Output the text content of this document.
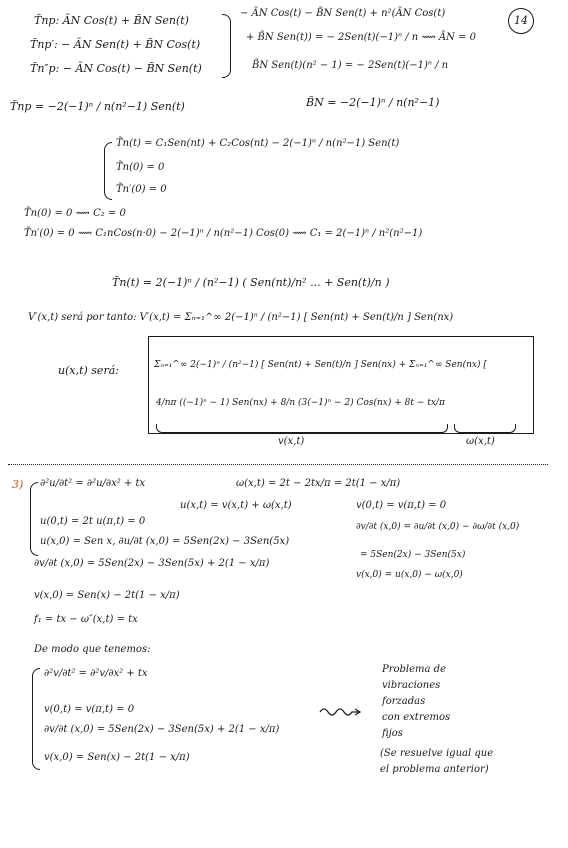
14
T̃np: ÃN Cos(t) + B̃N Sen(t)
T̃np′: − ÃN Sen(t) + B̃N Cos(t)
T̃n″p: − ÃN Cos(t) − B̃N Sen(t)
− ÃN Cos(t) − B̃N Sen(t) + n²(ÃN Cos(t)
+ B̃N Sen(t)) = − 2Sen(t)(−1)ⁿ / n ⟿ ÃN = 0
B̃N Sen(t)(n² − 1) = − 2Sen(t)(−1)ⁿ / n
T̃np = −2(−1)ⁿ / n(n²−1) Sen(t)	B̃N = −2(−1)ⁿ / n(n²−1)
T̃n(t) = C₁Sen(nt) + C₂Cos(nt) − 2(−1)ⁿ / n(n²−1) Sen(t)
T̃n(0) = 0
T̃n′(0) = 0
T̃n(0) = 0 ⟿ C₂ = 0
T̃n′(0) = 0 ⟿ C₁nCos(n·0) − 2(−1)ⁿ / n(n²−1) Cos(0) ⟿ C₁ = 2(−1)ⁿ / n²(n²−1)
T̃n(t) = 2(−1)ⁿ / (n²−1) ( Sen(nt)/n² ... + Sen(t)/n )
V′(x,t) será por tanto: V′(x,t) = Σₙ₌₁^∞ 2(−1)ⁿ / (n²−1) [ Sen(nt) + Sen(t)/n ] Sen(nx)
u(x,t) será:	Σₙ₌₁^∞ 2(−1)ⁿ / (n²−1) [ Sen(nt) + Sen(t)/n ] Sen(nx) + Σₙ₌₁^∞ Sen(nx) [
4/nπ ((−1)ⁿ − 1) Sen(nx) + 8/n (3(−1)ⁿ − 2) Cos(nx) + 8t − tx/π
v(x,t)	ω(x,t)
3) ∂²u/∂t² = ∂²u/∂x² + tx
u(0,t) = 2t u(π,t) = 0
u(x,0) = Sen x, ∂u/∂t (x,0) = 5Sen(2x) − 3Sen(5x)
ω(x,t) = 2t − 2tx/π = 2t(1 − x/π)
u(x,t) = v(x,t) + ω(x,t)	v(0,t) = v(π,t) = 0
∂v/∂t (x,0) = ∂u/∂t (x,0) − ∂ω/∂t (x,0)
= 5Sen(2x) − 3Sen(5x)
v(x,0) = u(x,0) − ω(x,0)
∂v/∂t (x,0) = 5Sen(2x) − 3Sen(5x) + 2(1 − x/π)
v(x,0) = Sen(x) − 2t(1 − x/π)
f₁ = tx − ω″(x,t) = tx
De modo que tenemos:
∂²v/∂t² = ∂²v/∂x² + tx
v(0,t) = v(π,t) = 0
∂v/∂t (x,0) = 5Sen(2x) − 3Sen(5x) + 2(1 − x/π)
v(x,0) = Sen(x) − 2t(1 − x/π)
Problema de
vibraciones
forzadas
con extremos
fijos
(Se resuelve igual que
el problema anterior)
